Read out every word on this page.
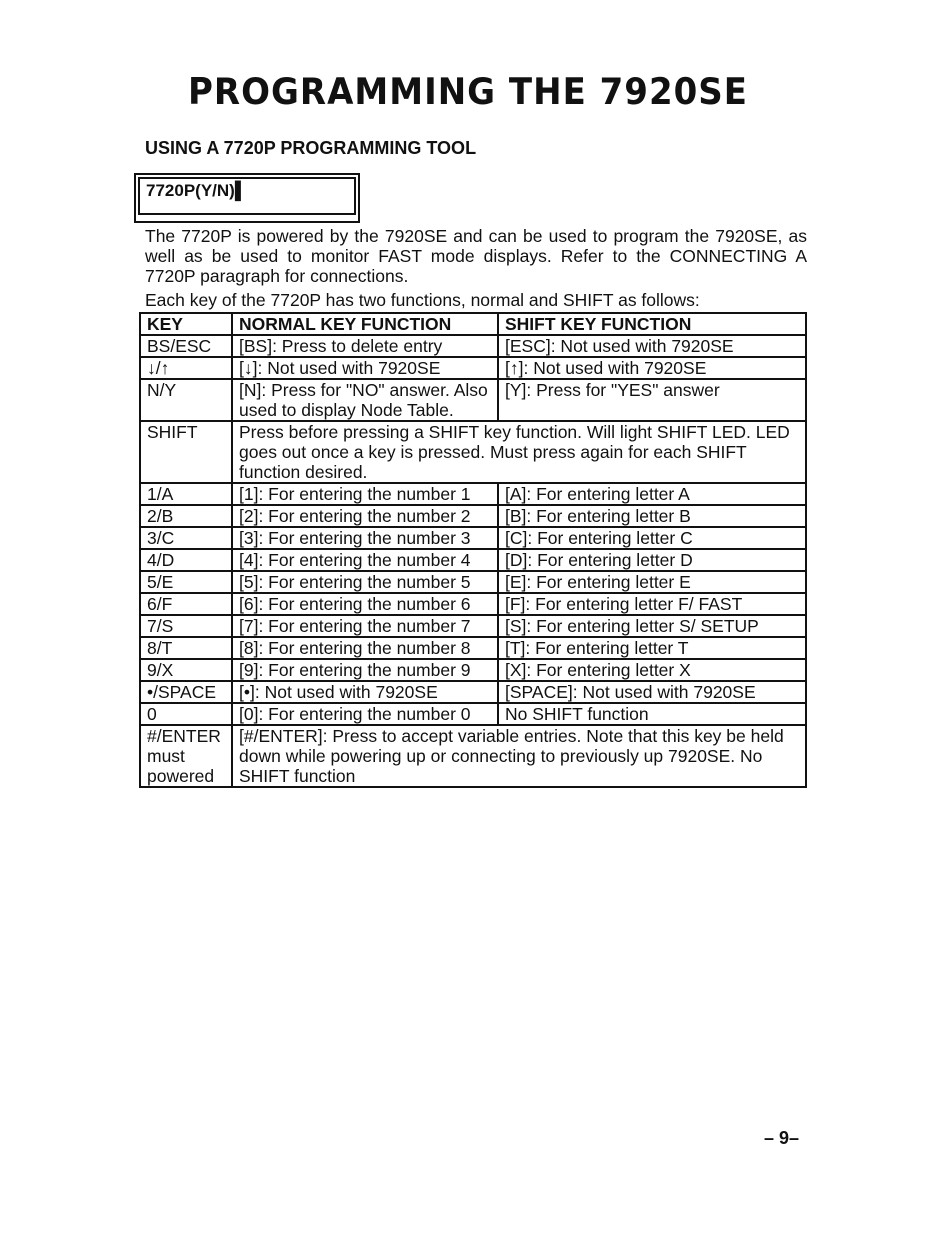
PROGRAMMING THE 7920SE
USING A 7720P PROGRAMMING TOOL
7720P(Y/N)▌
The 7720P is powered by the 7920SE and can be used to program the 7920SE, as well as be used to monitor FAST mode displays. Refer to the CONNECTING A 7720P paragraph for connections.
Each key of the 7720P has two functions, normal and SHIFT as follows:
KEY	NORMAL KEY FUNCTION	SHIFT KEY FUNCTION
BS/ESC	[BS]: Press to delete entry	[ESC]: Not used with 7920SE
↓/↑	[↓]: Not used with 7920SE	[↑]: Not used with 7920SE
N/Y	[N]: Press for "NO" answer. Also used to display Node Table.	[Y]: Press for "YES" answer
SHIFT	Press before pressing a SHIFT key function. Will light SHIFT LED. LED goes out once a key is pressed. Must press again for each SHIFT function desired.	
1/A	[1]: For entering the number 1	[A]: For entering letter A
2/B	[2]: For entering the number 2	[B]: For entering letter B
3/C	[3]: For entering the number 3	[C]: For entering letter C
4/D	[4]: For entering the number 4	[D]: For entering letter D
5/E	[5]: For entering the number 5	[E]: For entering letter E
6/F	[6]: For entering the number 6	[F]: For entering letter F/ FAST
7/S	[7]: For entering the number 7	[S]: For entering letter S/ SETUP
8/T	[8]: For entering the number 8	[T]: For entering letter T
9/X	[9]: For entering the number 9	[X]: For entering letter X
•/SPACE	[•]: Not used with 7920SE	[SPACE]: Not used with 7920SE
0	[0]: For entering the number 0	No SHIFT function
#/ENTER must powered	[#/ENTER]: Press to accept variable entries. Note that this key be held down while powering up or connecting to previously up 7920SE. No SHIFT function	
– 9–
